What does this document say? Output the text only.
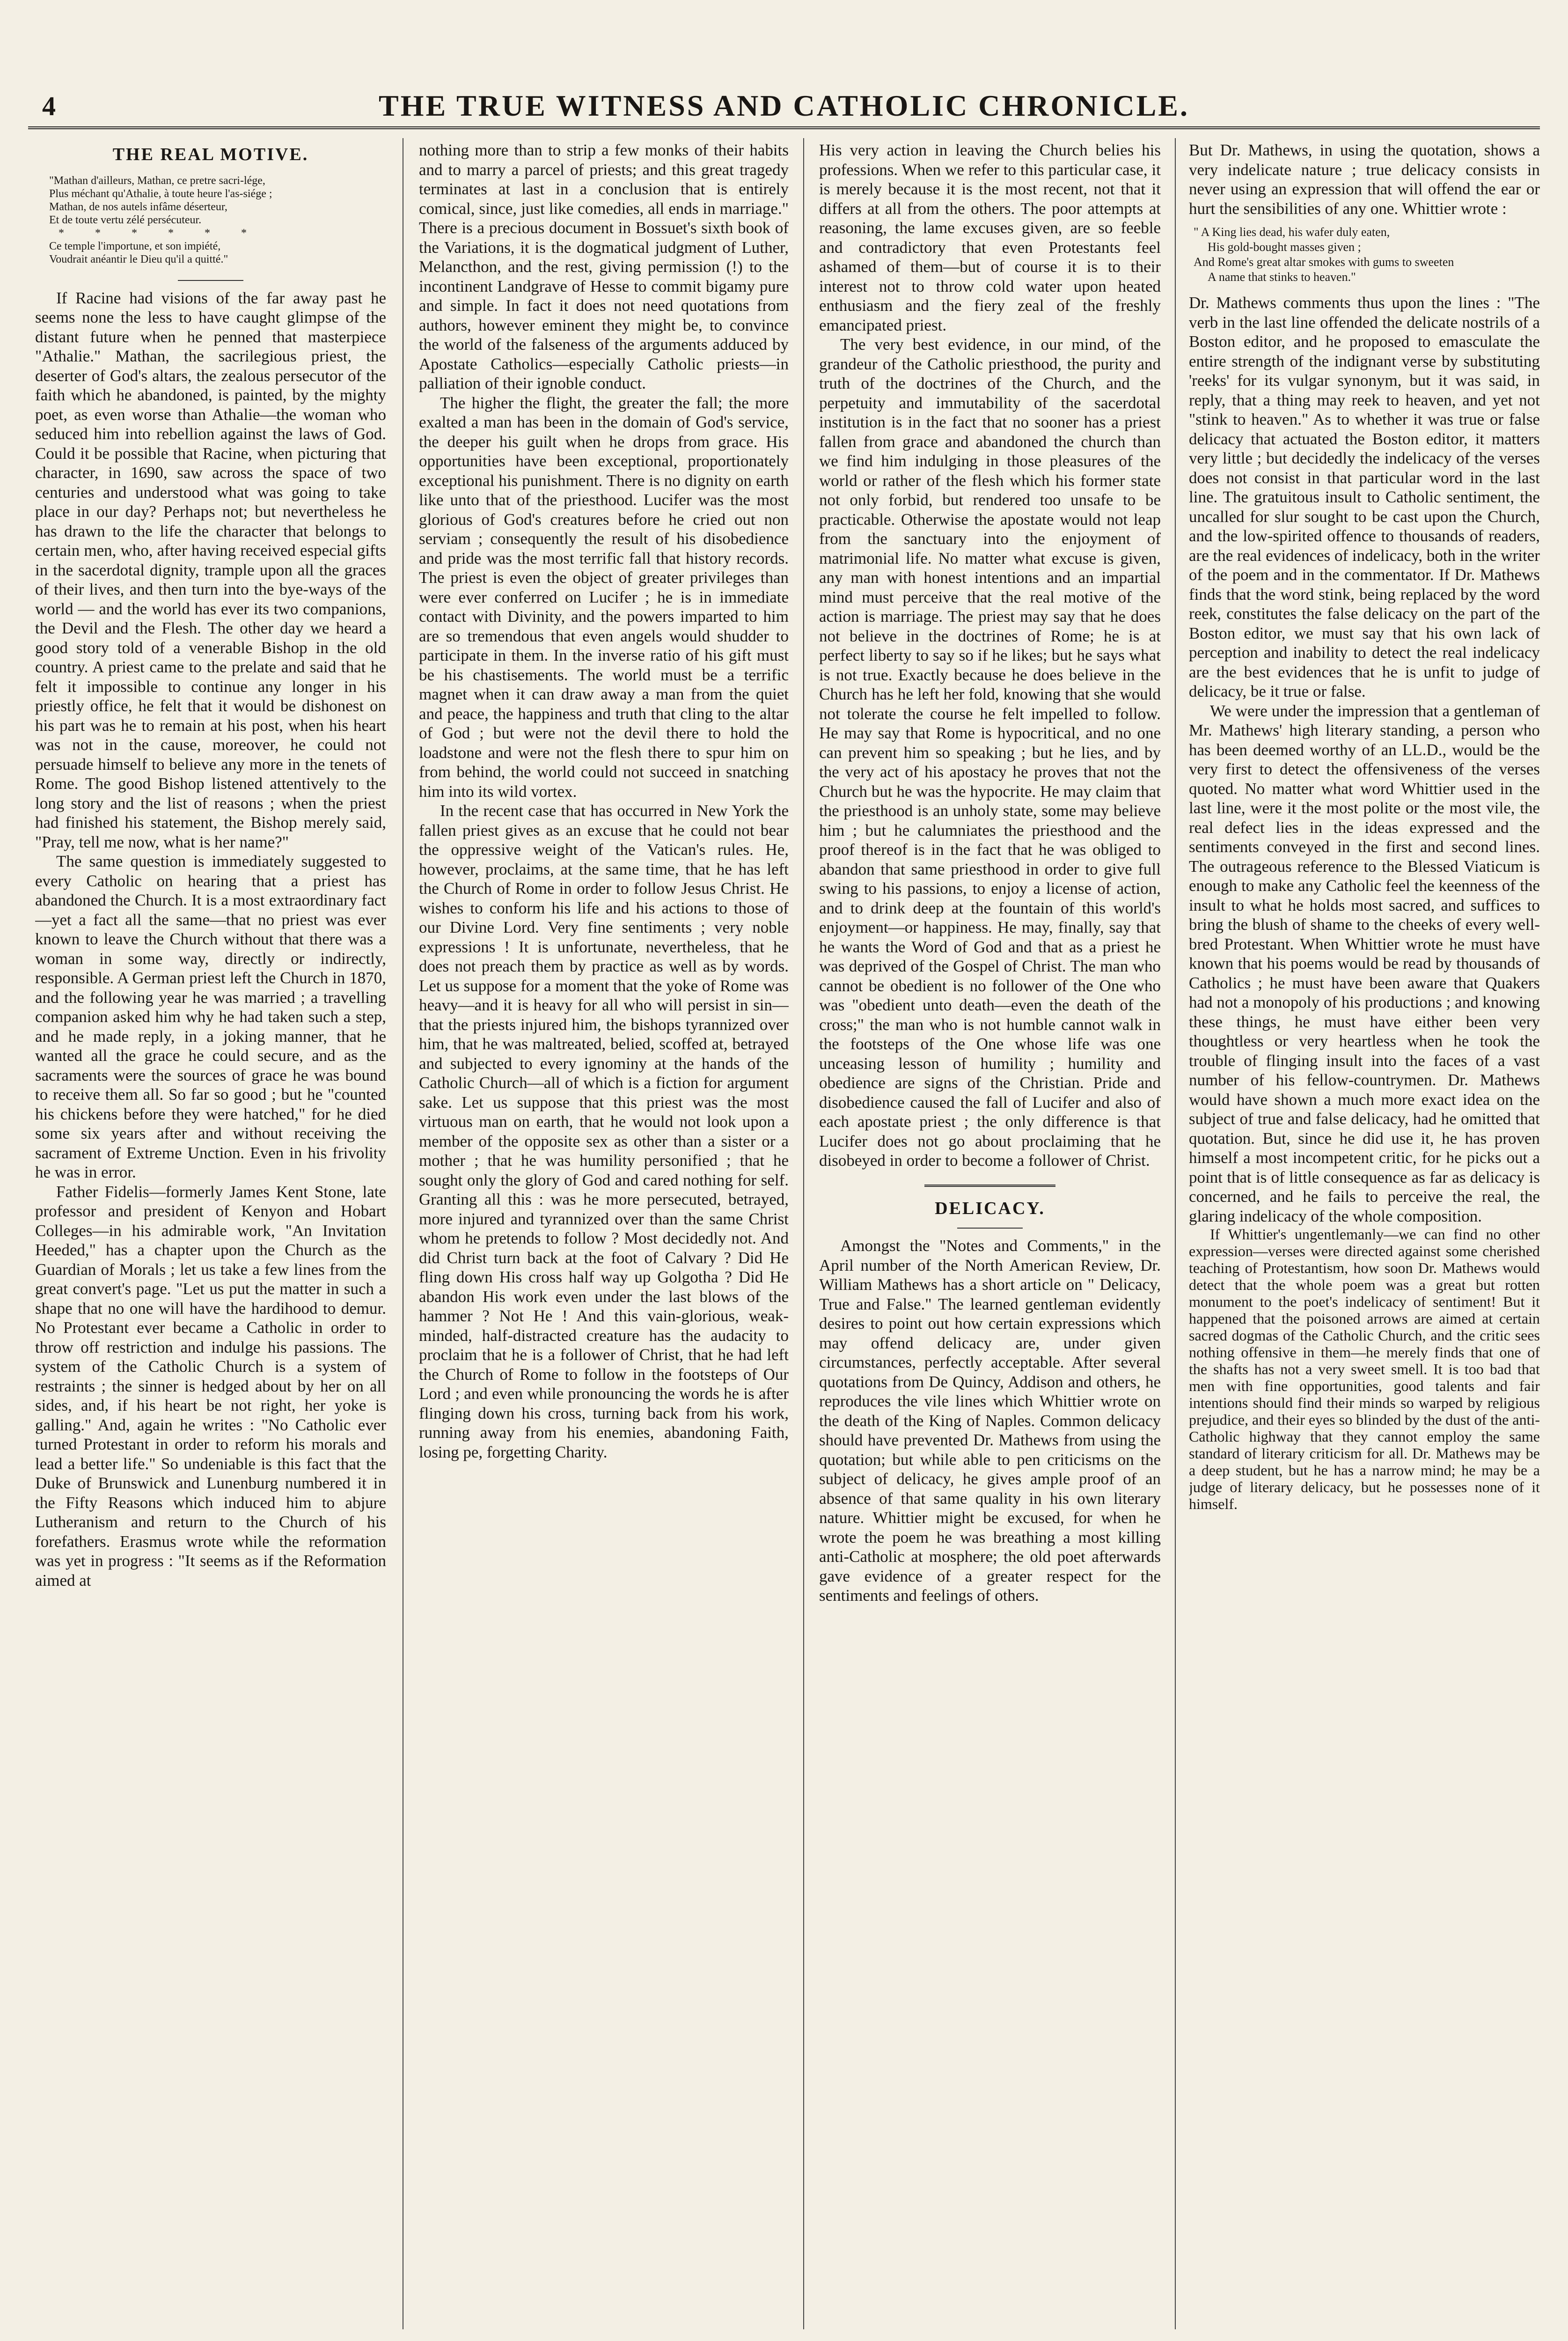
4	THE TRUE WITNESS AND CATHOLIC CHRONICLE.
THE REAL MOTIVE.
"Mathan d'ailleurs, Mathan, ce pretre sacri-lége,
Plus méchant qu'Athalie, à toute heure l'as-siége ;
Mathan, de nos autels infâme déserteur,
Et de toute vertu zélé persécuteur.
* * * * * *
Ce temple l'importune, et son impiété,
Voudrait anéantir le Dieu qu'il a quitté."

If Racine had visions of the far away past he seems none the less to have caught glimpse of the distant future when he penned that masterpiece "Athalie." Mathan, the sacrilegious priest, the deserter of God's altars, the zealous persecutor of the faith which he abandoned, is painted, by the mighty poet, as even worse than Athalie—the woman who seduced him into rebellion against the laws of God. Could it be possible that Racine, when picturing that character, in 1690, saw across the space of two centuries and understood what was going to take place in our day? Perhaps not; but nevertheless he has drawn to the life the character that belongs to certain men, who, after having received especial gifts in the sacerdotal dignity, trample upon all the graces of their lives, and then turn into the bye-ways of the world — and the world has ever its two companions, the Devil and the Flesh. The other day we heard a good story told of a venerable Bishop in the old country. A priest came to the prelate and said that he felt it impossible to continue any longer in his priestly office, he felt that it would be dishonest on his part was he to remain at his post, when his heart was not in the cause, moreover, he could not persuade himself to believe any more in the tenets of Rome. The good Bishop listened attentively to the long story and the list of reasons ; when the priest had finished his statement, the Bishop merely said, "Pray, tell me now, what is her name?"

The same question is immediately suggested to every Catholic on hearing that a priest has abandoned the Church. It is a most extraordinary fact—yet a fact all the same—that no priest was ever known to leave the Church without that there was a woman in some way, directly or indirectly, responsible. A German priest left the Church in 1870, and the following year he was married ; a travelling companion asked him why he had taken such a step, and he made reply, in a joking manner, that he wanted all the grace he could secure, and as the sacraments were the sources of grace he was bound to receive them all. So far so good ; but he "counted his chickens before they were hatched," for he died some six years after and without receiving the sacrament of Extreme Unction. Even in his frivolity he was in error.

Father Fidelis—formerly James Kent Stone, late professor and president of Kenyon and Hobart Colleges—in his admirable work, "An Invitation Heeded," has a chapter upon the Church as the Guardian of Morals ; let us take a few lines from the great convert's page. "Let us put the matter in such a shape that no one will have the hardihood to demur. No Protestant ever became a Catholic in order to throw off restriction and indulge his passions. The system of the Catholic Church is a system of restraints ; the sinner is hedged about by her on all sides, and, if his heart be not right, her yoke is galling." And, again he writes : "No Catholic ever turned Protestant in order to reform his morals and lead a better life." So undeniable is this fact that the Duke of Brunswick and Lunenburg numbered it in the Fifty Reasons which induced him to abjure Lutheranism and return to the Church of his forefathers. Erasmus wrote while the reformation was yet in progress : "It seems as if the Reformation aimed at

nothing more than to strip a few monks of their habits and to marry a parcel of priests; and this great tragedy terminates at last in a conclusion that is entirely comical, since, just like comedies, all ends in marriage." There is a precious document in Bossuet's sixth book of the Variations, it is the dogmatical judgment of Luther, Melancthon, and the rest, giving permission (!) to the incontinent Landgrave of Hesse to commit bigamy pure and simple. In fact it does not need quotations from authors, however eminent they might be, to convince the world of the falseness of the arguments adduced by Apostate Catholics—especially Catholic priests—in palliation of their ignoble conduct.

The higher the flight, the greater the fall; the more exalted a man has been in the domain of God's service, the deeper his guilt when he drops from grace. His opportunities have been exceptional, proportionately exceptional his punishment. There is no dignity on earth like unto that of the priesthood. Lucifer was the most glorious of God's creatures before he cried out non serviam ; consequently the result of his disobedience and pride was the most terrific fall that history records. The priest is even the object of greater privileges than were ever conferred on Lucifer ; he is in immediate contact with Divinity, and the powers imparted to him are so tremendous that even angels would shudder to participate in them. In the inverse ratio of his gift must be his chastisements. The world must be a terrific magnet when it can draw away a man from the quiet and peace, the happiness and truth that cling to the altar of God ; but were not the devil there to hold the loadstone and were not the flesh there to spur him on from behind, the world could not succeed in snatching him into its wild vortex.

In the recent case that has occurred in New York the fallen priest gives as an excuse that he could not bear the oppressive weight of the Vatican's rules. He, however, proclaims, at the same time, that he has left the Church of Rome in order to follow Jesus Christ. He wishes to conform his life and his actions to those of our Divine Lord. Very fine sentiments ; very noble expressions ! It is unfortunate, nevertheless, that he does not preach them by practice as well as by words. Let us suppose for a moment that the yoke of Rome was heavy—and it is heavy for all who will persist in sin—that the priests injured him, the bishops tyrannized over him, that he was maltreated, belied, scoffed at, betrayed and subjected to every ignominy at the hands of the Catholic Church—all of which is a fiction for argument sake. Let us suppose that this priest was the most virtuous man on earth, that he would not look upon a member of the opposite sex as other than a sister or a mother ; that he was humility personified ; that he sought only the glory of God and cared nothing for self. Granting all this : was he more persecuted, betrayed, more injured and tyrannized over than the same Christ whom he pretends to follow ? Most decidedly not. And did Christ turn back at the foot of Calvary ? Did He fling down His cross half way up Golgotha ? Did He abandon His work even under the last blows of the hammer ? Not He ! And this vain-glorious, weak-minded, half-distracted creature has the audacity to proclaim that he is a follower of Christ, that he had left the Church of Rome to follow in the footsteps of Our Lord ; and even while pronouncing the words he is after flinging down his cross, turning back from his work, running away from his enemies, abandoning Faith, losing pe, forgetting Charity.

His very action in leaving the Church belies his professions. When we refer to this particular case, it is merely because it is the most recent, not that it differs at all from the others. The poor attempts at reasoning, the lame excuses given, are so feeble and contradictory that even Protestants feel ashamed of them—but of course it is to their interest not to throw cold water upon heated enthusiasm and the fiery zeal of the freshly emancipated priest.

The very best evidence, in our mind, of the grandeur of the Catholic priesthood, the purity and truth of the doctrines of the Church, and the perpetuity and immutability of the sacerdotal institution is in the fact that no sooner has a priest fallen from grace and abandoned the church than we find him indulging in those pleasures of the world or rather of the flesh which his former state not only forbid, but rendered too unsafe to be practicable. Otherwise the apostate would not leap from the sanctuary into the enjoyment of matrimonial life. No matter what excuse is given, any man with honest intentions and an impartial mind must perceive that the real motive of the action is marriage. The priest may say that he does not believe in the doctrines of Rome; he is at perfect liberty to say so if he likes; but he says what is not true. Exactly because he does believe in the Church has he left her fold, knowing that she would not tolerate the course he felt impelled to follow. He may say that Rome is hypocritical, and no one can prevent him so speaking ; but he lies, and by the very act of his apostacy he proves that not the Church but he was the hypocrite. He may claim that the priesthood is an unholy state, some may believe him ; but he calumniates the priesthood and the proof thereof is in the fact that he was obliged to abandon that same priesthood in order to give full swing to his passions, to enjoy a license of action, and to drink deep at the fountain of this world's enjoyment—or happiness. He may, finally, say that he wants the Word of God and that as a priest he was deprived of the Gospel of Christ. The man who cannot be obedient is no follower of the One who was "obedient unto death—even the death of the cross;" the man who is not humble cannot walk in the footsteps of the One whose life was one unceasing lesson of humility ; humility and obedience are signs of the Christian. Pride and disobedience caused the fall of Lucifer and also of each apostate priest ; the only difference is that Lucifer does not go about proclaiming that he disobeyed in order to become a follower of Christ.

DELICACY.

Amongst the "Notes and Comments," in the April number of the North American Review, Dr. William Mathews has a short article on " Delicacy, True and False." The learned gentleman evidently desires to point out how certain expressions which may offend delicacy are, under given circumstances, perfectly acceptable. After several quotations from De Quincy, Addison and others, he reproduces the vile lines which Whittier wrote on the death of the King of Naples. Common delicacy should have prevented Dr. Mathews from using the quotation; but while able to pen criticisms on the subject of delicacy, he gives ample proof of an absence of that same quality in his own literary nature. Whittier might be excused, for when he wrote the poem he was breathing a most killing anti-Catholic at mosphere; the old poet afterwards gave evidence of a greater respect for the sentiments and feelings of others.

But Dr. Mathews, in using the quotation, shows a very indelicate nature ; true delicacy consists in never using an expression that will offend the ear or hurt the sensibilities of any one. Whittier wrote :

" A King lies dead, his wafer duly eaten,
His gold-bought masses given ;
And Rome's great altar smokes with gums to sweeten
A name that stinks to heaven."

Dr. Mathews comments thus upon the lines : "The verb in the last line offended the delicate nostrils of a Boston editor, and he proposed to emasculate the entire strength of the indignant verse by substituting 'reeks' for its vulgar synonym, but it was said, in reply, that a thing may reek to heaven, and yet not "stink to heaven." As to whether it was true or false delicacy that actuated the Boston editor, it matters very little ; but decidedly the indelicacy of the verses does not consist in that particular word in the last line. The gratuitous insult to Catholic sentiment, the uncalled for slur sought to be cast upon the Church, and the low-spirited offence to thousands of readers, are the real evidences of indelicacy, both in the writer of the poem and in the commentator. If Dr. Mathews finds that the word stink, being replaced by the word reek, constitutes the false delicacy on the part of the Boston editor, we must say that his own lack of perception and inability to detect the real indelicacy are the best evidences that he is unfit to judge of delicacy, be it true or false.

We were under the impression that a gentleman of Mr. Mathews' high literary standing, a person who has been deemed worthy of an LL.D., would be the very first to detect the offensiveness of the verses quoted. No matter what word Whittier used in the last line, were it the most polite or the most vile, the real defect lies in the ideas expressed and the sentiments conveyed in the first and second lines. The outrageous reference to the Blessed Viaticum is enough to make any Catholic feel the keenness of the insult to what he holds most sacred, and suffices to bring the blush of shame to the cheeks of every well-bred Protestant. When Whittier wrote he must have known that his poems would be read by thousands of Catholics ; he must have been aware that Quakers had not a monopoly of his productions ; and knowing these things, he must have either been very thoughtless or very heartless when he took the trouble of flinging insult into the faces of a vast number of his fellow-countrymen. Dr. Mathews would have shown a much more exact idea on the subject of true and false delicacy, had he omitted that quotation. But, since he did use it, he has proven himself a most incompetent critic, for he picks out a point that is of little consequence as far as delicacy is concerned, and he fails to perceive the real, the glaring indelicacy of the whole composition.

If Whittier's ungentlemanly—we can find no other expression—verses were directed against some cherished teaching of Protestantism, how soon Dr. Mathews would detect that the whole poem was a great but rotten monument to the poet's indelicacy of sentiment! But it happened that the poisoned arrows are aimed at certain sacred dogmas of the Catholic Church, and the critic sees nothing offensive in them—he merely finds that one of the shafts has not a very sweet smell. It is too bad that men with fine opportunities, good talents and fair intentions should find their minds so warped by religious prejudice, and their eyes so blinded by the dust of the anti-Catholic highway that they cannot employ the same standard of literary criticism for all. Dr. Mathews may be a deep student, but he has a narrow mind; he may be a judge of literary delicacy, but he possesses none of it himself.
